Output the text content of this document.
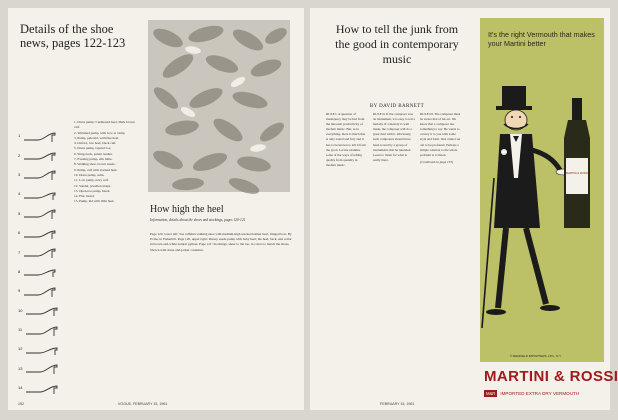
Details of the shoe news, pages 122-123
1
2
3
4
5
6
7
8
9
10
11
12
13
14
1. Dress pump: Cushioned-heel, Dark brown calf.
2. Trimmed pump, with bow at vamp.
3. Pump, pale kid, with fine heel.
4. Oxford, low heel, black calf.
5. Dress pump, tapered toe.
6. Sling-back, patent leather.
7. Evening pump, silk faille.
8. Walking shoe, brown suede.
9. Pump, calf with stacked heel.
10. Dress pump, satin.
11. Low pump, navy calf.
12. Sandal, jewelled straps.
13. Open-toe pump, black.
14. Flat, lizard.
15. Pump, kid with little heel.
How high the heel
Information, details about the shoes and stockings, pages 120-121
Page 120, lower left: Toe calfskin walking shoe with medium-high stacked leather heel, fringed bow. By Evins, in Fisherbilt. Page 120, upper right: Dressy suede pump with baby heel; the heel, back, and collar in brown-and-white natural python. Page 121: Stockings, sheer to the toe, in colors to match the shoes. Shown with dress-and-jacket costumes.
152	VOGUE, FEBRUARY 15, 1961
How to tell the junk from the good in contemporary music
BY DAVID BARNETT
RULE I. A question of inadequacy may be had from the innocent productivity of modern music. But, as in everything, there is much that is only sound and fury and it has to be known to tell it from the good. Let me examine some of the ways of telling quality from quantity in modern music.
RULE II. If the composer was an instrument, it is easy to tell a melody. If a melody is well made, the composer will do a great deal with it. Obviously, such composers should have been scored by a group of instruments that he intended. Learn to listen for what is really there.
RULE III. The composer must be aware that of his art. We know that a composer has something to say. He wants to convey it to you with some style and form. One cannot set out to be profound. Perhaps a simple solution to the whole problem is to listen.
(Continued on page 153)
FEBRUARY 15, 1961
It's the right Vermouth that makes your Martini better
MARTINI & ROSSI
© RENFIELD IMPORTERS, LTD., N.Y.
MARTINI & ROSSI
M&R	IMPORTED EXTRA DRY VERMOUTH
